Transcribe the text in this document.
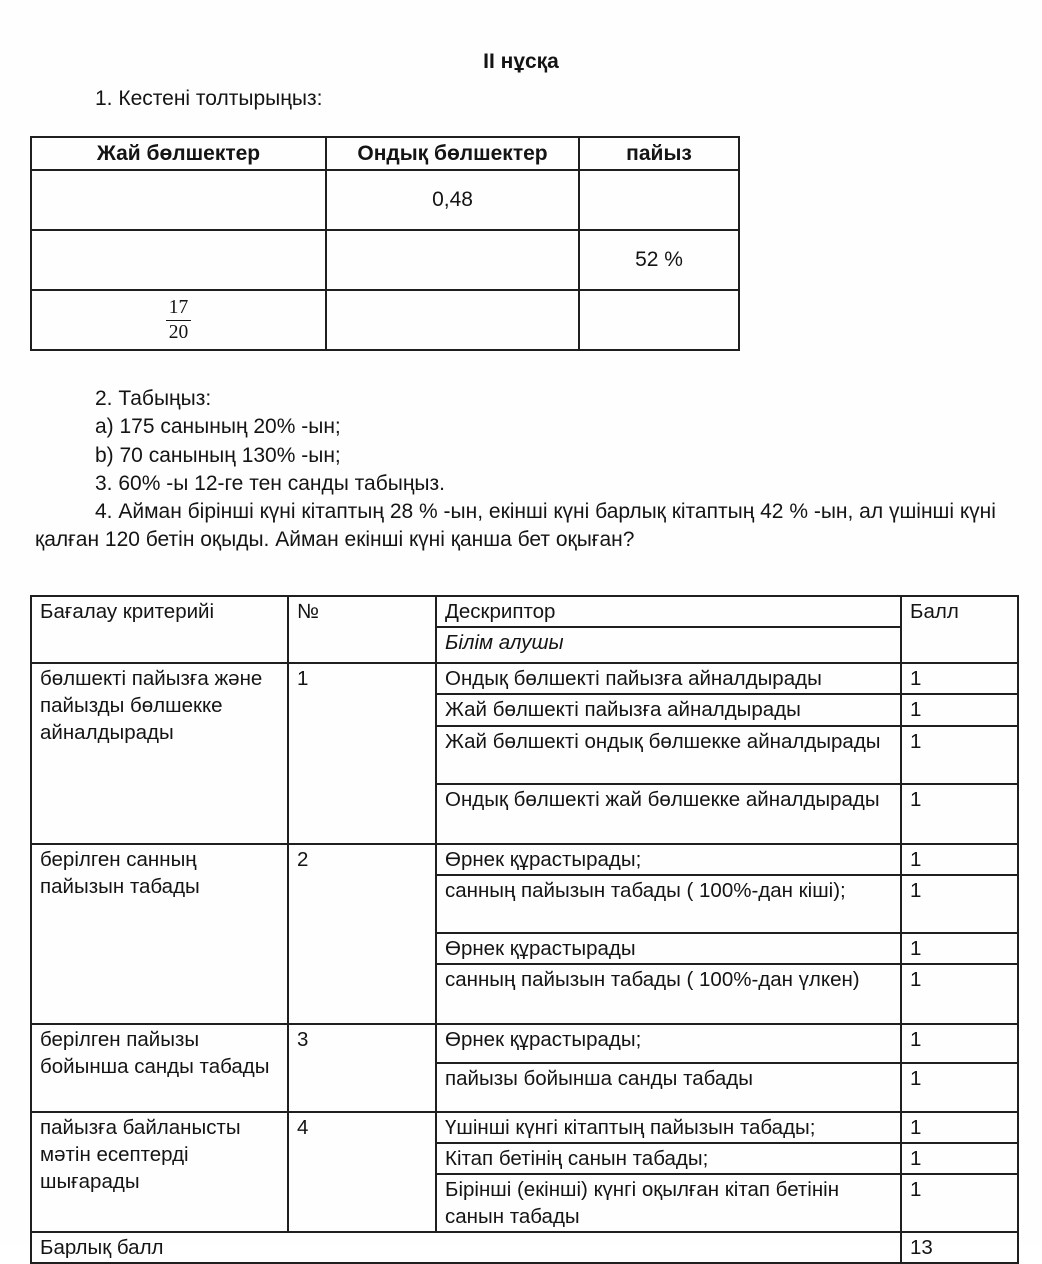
II нұсқа
1. Кестені толтырыңыз:
Жай бөлшектер	Ондық бөлшектер	пайыз
	0,48	
		52 %

$\frac{17}{20}$

2. Табыңыз:

a) 175 санының 20% -ын;

b) 70 санының 130% -ын;

3. 60% -ы 12-ге тен санды табыңыз.

4. Айман бірінші күні кітаптың 28 % -ын, екінші күні барлық кітаптың 42 % -ын, ал үшінші күні қалған 120 бетін оқыды. Айман екінші күні қанша бет оқыған?

Бағалау критерийі	№	Дескриптор	Балл
		Білім алушы	
бөлшекті пайызға және пайызды бөлшекке айналдырады	1	Ондық бөлшекті пайызға айналдырады	1
		Жай бөлшекті пайызға айналдырады	1
		Жай бөлшекті ондық бөлшекке айналдырады	1
		Ондық бөлшекті жай бөлшекке айналдырады	1
берілген санның пайызын табады	2	Өрнек құрастырады;	1
		санның пайызын табады ( 100%-дан кіші);	1
		Өрнек құрастырады	1
		санның пайызын табады ( 100%-дан үлкен)	1
берілген пайызы бойынша санды табады	3	Өрнек құрастырады;	1
		пайызы бойынша санды табады	1
пайызға байланысты мәтін есептерді шығарады	4	Үшінші күнгі кітаптың пайызын табады;	1
		Кітап бетінің санын табады;	1
		Бірінші (екінші) күнгі оқылған кітап бетінін санын табады	1
Барлық балл			13
